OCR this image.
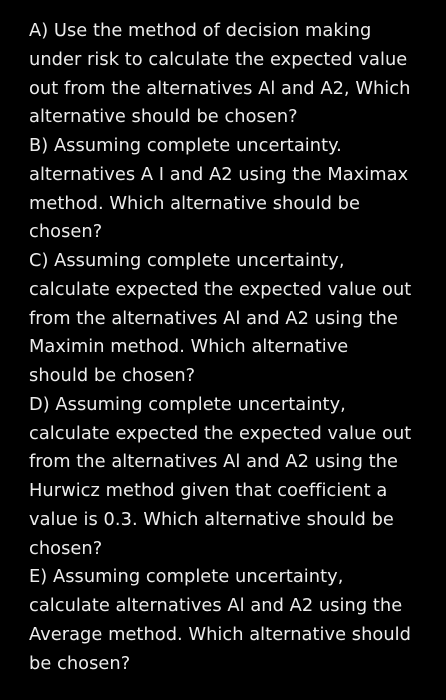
A) Use the method of decision making
under risk to calculate the expected value
out from the alternatives Al and A2, Which
alternative should be chosen?
B) Assuming complete uncertainty.
alternatives A I and A2 using the Maximax
method. Which alternative should be
chosen?
C) Assuming complete uncertainty,
calculate expected the expected value out
from the alternatives Al and A2 using the
Maximin method. Which alternative
should be chosen?
D) Assuming complete uncertainty,
calculate expected the expected value out
from the alternatives Al and A2 using the
Hurwicz method given that coefficient a
value is 0.3. Which alternative should be
chosen?
E) Assuming complete uncertainty,
calculate alternatives Al and A2 using the
Average method. Which alternative should
be chosen?
